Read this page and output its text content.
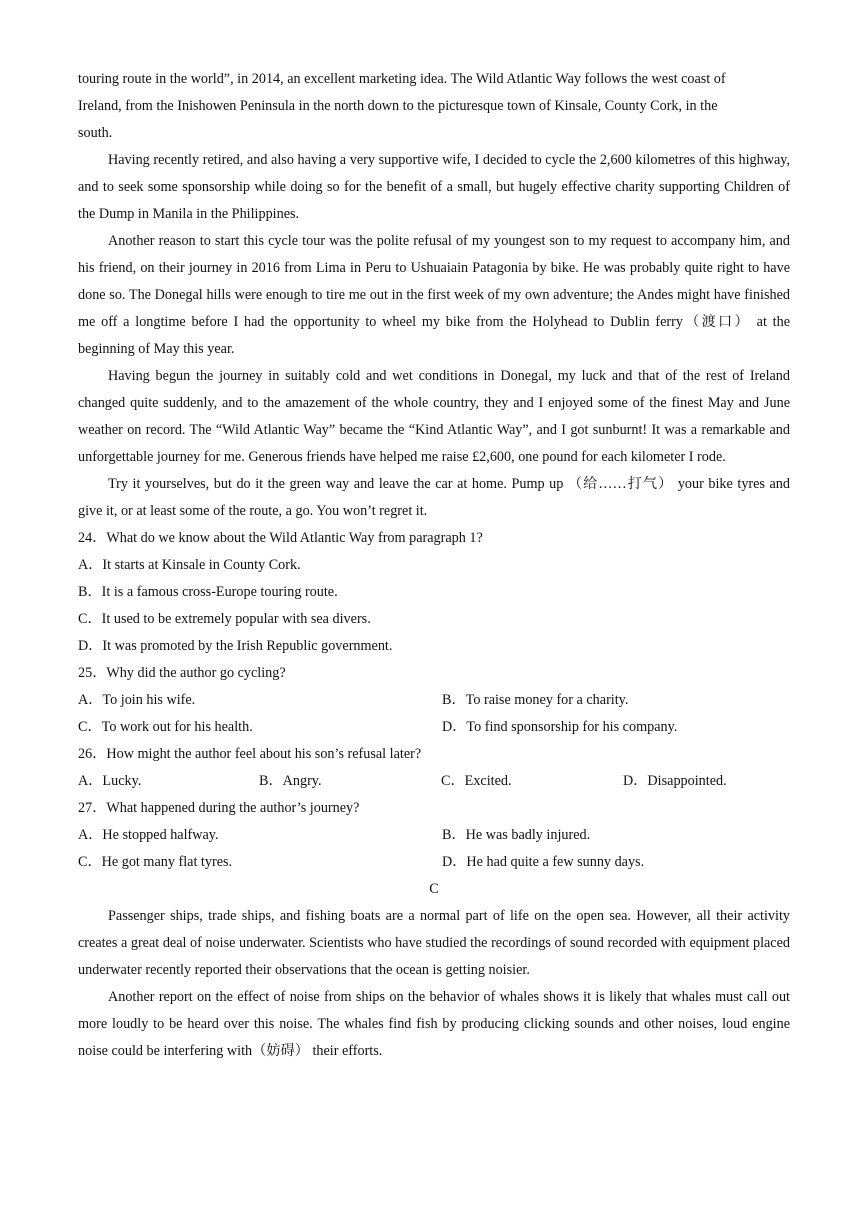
touring route in the world”, in 2014, an excellent marketing idea. The Wild Atlantic Way follows the west coast of
Ireland, from the Inishowen Peninsula in the north down to the picturesque town of Kinsale, County Cork, in the
south.

Having recently retired, and also having a very supportive wife, I decided to cycle the 2,600 kilometres of this highway, and to seek some sponsorship while doing so for the benefit of a small, but hugely effective charity supporting Children of the Dump in Manila in the Philippines.

Another reason to start this cycle tour was the polite refusal of my youngest son to my request to accompany him, and his friend, on their journey in 2016 from Lima in Peru to Ushuaiain Patagonia by bike. He was probably quite right to have done so. The Donegal hills were enough to tire me out in the first week of my own adventure; the Andes might have finished me off a longtime before I had the opportunity to wheel my bike from the Holyhead to Dublin ferry（渡口） at the beginning of May this year.

Having begun the journey in suitably cold and wet conditions in Donegal, my luck and that of the rest of Ireland changed quite suddenly, and to the amazement of the whole country, they and I enjoyed some of the finest May and June weather on record. The “Wild Atlantic Way” became the “Kind Atlantic Way”, and I got sunburnt! It was a remarkable and unforgettable journey for me. Generous friends have helped me raise £2,600, one pound for each kilometer I rode.

Try it yourselves, but do it the green way and leave the car at home. Pump up （给……打气） your bike tyres and give it, or at least some of the route, a go. You won’t regret it.

24．What do we know about the Wild Atlantic Way from paragraph 1?

A．It starts at Kinsale in County Cork.
B．It is a famous cross-Europe touring route.
C．It used to be extremely popular with sea divers.
D．It was promoted by the Irish Republic government.

25．Why did the author go cycling?

A．To join his wife.	B．To raise money for a charity.
C．To work out for his health.	D．To find sponsorship for his company.

26．How might the author feel about his son’s refusal later?

A．Lucky.	B．Angry.	C．Excited.	D．Disappointed.

27．What happened during the author’s journey?

A．He stopped halfway.	B．He was badly injured.
C．He got many flat tyres.	D．He had quite a few sunny days.

C

Passenger ships, trade ships, and fishing boats are a normal part of life on the open sea. However, all their activity creates a great deal of noise underwater. Scientists who have studied the recordings of sound recorded with equipment placed underwater recently reported their observations that the ocean is getting noisier.

Another report on the effect of noise from ships on the behavior of whales shows it is likely that whales must call out more loudly to be heard over this noise. The whales find fish by producing clicking sounds and other noises, loud engine noise could be interfering with（妨碍） their efforts.
